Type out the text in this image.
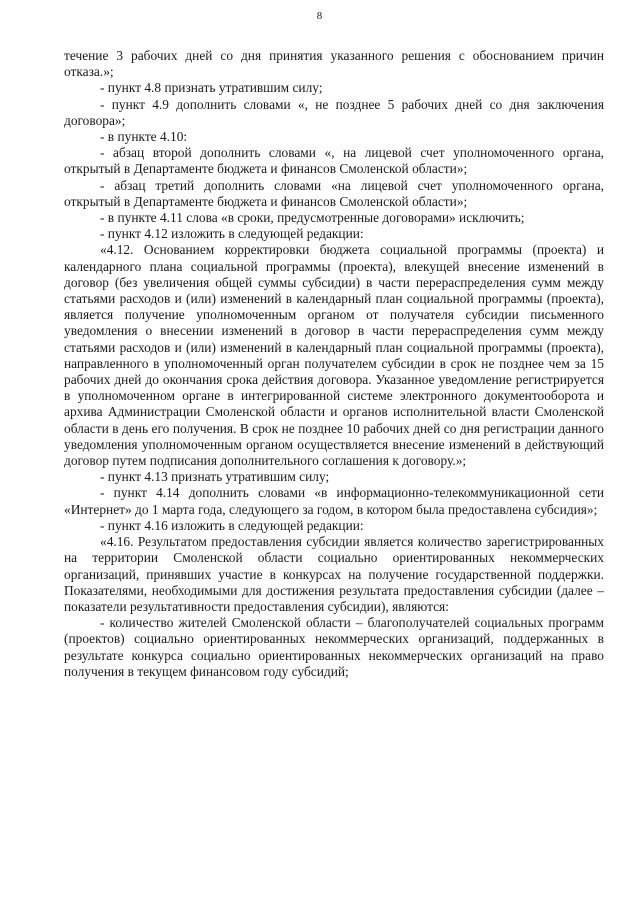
8

течение 3 рабочих дней со дня принятия указанного решения с обоснованием причин отказа.»;

- пункт 4.8 признать утратившим силу;

- пункт 4.9 дополнить словами «, не позднее 5 рабочих дней со дня заключения договора»;

- в пункте 4.10:

- абзац второй дополнить словами «, на лицевой счет уполномоченного органа, открытый в Департаменте бюджета и финансов Смоленской области»;

- абзац третий дополнить словами «на лицевой счет уполномоченного органа, открытый в Департаменте бюджета и финансов Смоленской области»;

- в пункте 4.11 слова «в сроки, предусмотренные договорами» исключить;

- пункт 4.12 изложить в следующей редакции:

«4.12. Основанием корректировки бюджета социальной программы (проекта) и календарного плана социальной программы (проекта), влекущей внесение изменений в договор (без увеличения общей суммы субсидии) в части перераспределения сумм между статьями расходов и (или) изменений в календарный план социальной программы (проекта), является получение уполномоченным органом от получателя субсидии письменного уведомления о внесении изменений в договор в части перераспределения сумм между статьями расходов и (или) изменений в календарный план социальной программы (проекта), направленного в уполномоченный орган получателем субсидии в срок не позднее чем за 15 рабочих дней до окончания срока действия договора. Указанное уведомление регистрируется в уполномоченном органе в интегрированной системе электронного документооборота и архива Администрации Смоленской области и органов исполнительной власти Смоленской области в день его получения. В срок не позднее 10 рабочих дней со дня регистрации данного уведомления уполномоченным органом осуществляется внесение изменений в действующий договор путем подписания дополнительного соглашения к договору.»;

- пункт 4.13 признать утратившим силу;

- пункт 4.14 дополнить словами «в информационно-телекоммуникационной сети «Интернет» до 1 марта года, следующего за годом, в котором была предоставлена субсидия»;

- пункт 4.16 изложить в следующей редакции:

«4.16. Результатом предоставления субсидии является количество зарегистрированных на территории Смоленской области социально ориентированных некоммерческих организаций, принявших участие в конкурсах на получение государственной поддержки. Показателями, необходимыми для достижения результата предоставления субсидии (далее – показатели результативности предоставления субсидии), являются:

- количество жителей Смоленской области – благополучателей социальных программ (проектов) социально ориентированных некоммерческих организаций, поддержанных в результате конкурса социально ориентированных некоммерческих организаций на право получения в текущем финансовом году субсидий;
